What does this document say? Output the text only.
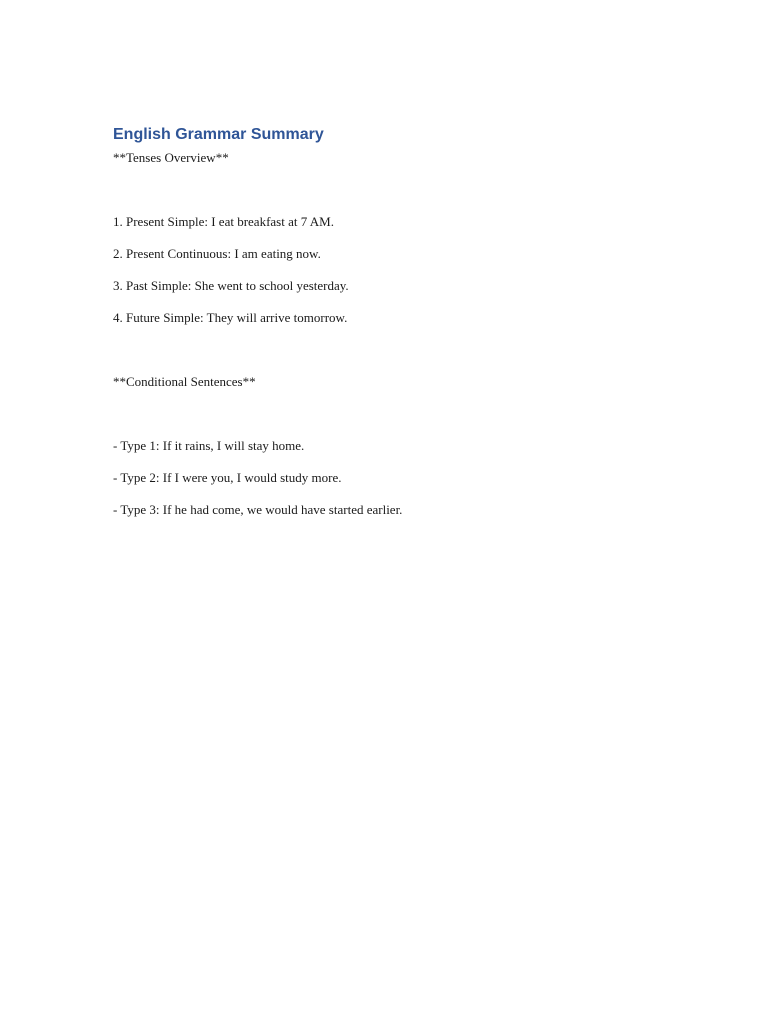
English Grammar Summary
**Tenses Overview**
1. Present Simple: I eat breakfast at 7 AM.
2. Present Continuous: I am eating now.
3. Past Simple: She went to school yesterday.
4. Future Simple: They will arrive tomorrow.
**Conditional Sentences**
- Type 1: If it rains, I will stay home.
- Type 2: If I were you, I would study more.
- Type 3: If he had come, we would have started earlier.
